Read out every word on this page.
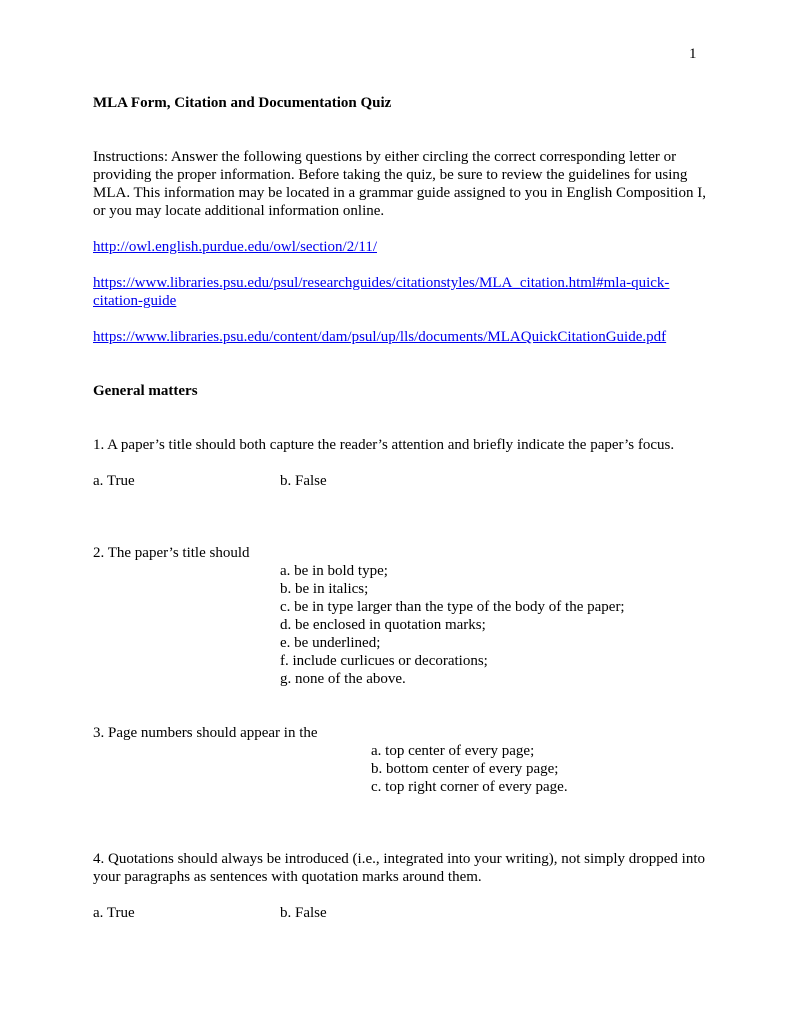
1

MLA Form, Citation and Documentation Quiz

Instructions: Answer the following questions by either circling the correct corresponding letter or providing the proper information. Before taking the quiz, be sure to review the guidelines for using MLA. This information may be located in a grammar guide assigned to you in English Composition I, or you may locate additional information online.

http://owl.english.purdue.edu/owl/section/2/11/
https://www.libraries.psu.edu/psul/researchguides/citationstyles/MLA_citation.html#mla-quick-
citation-guide
https://www.libraries.psu.edu/content/dam/psul/up/lls/documents/MLAQuickCitationGuide.pdf

General matters

1. A paper’s title should both capture the reader’s attention and briefly indicate the paper’s focus.

a. True	b. False

2. The paper’s title should

a. be in bold type;
b. be in italics;
c. be in type larger than the type of the body of the paper;
d. be enclosed in quotation marks;
e. be underlined;
f. include curlicues or decorations;
g. none of the above.

3. Page numbers should appear in the

a. top center of every page;
b. bottom center of every page;
c. top right corner of every page.

4. Quotations should always be introduced (i.e., integrated into your writing), not simply dropped into your paragraphs as sentences with quotation marks around them.

a. True	b. False
